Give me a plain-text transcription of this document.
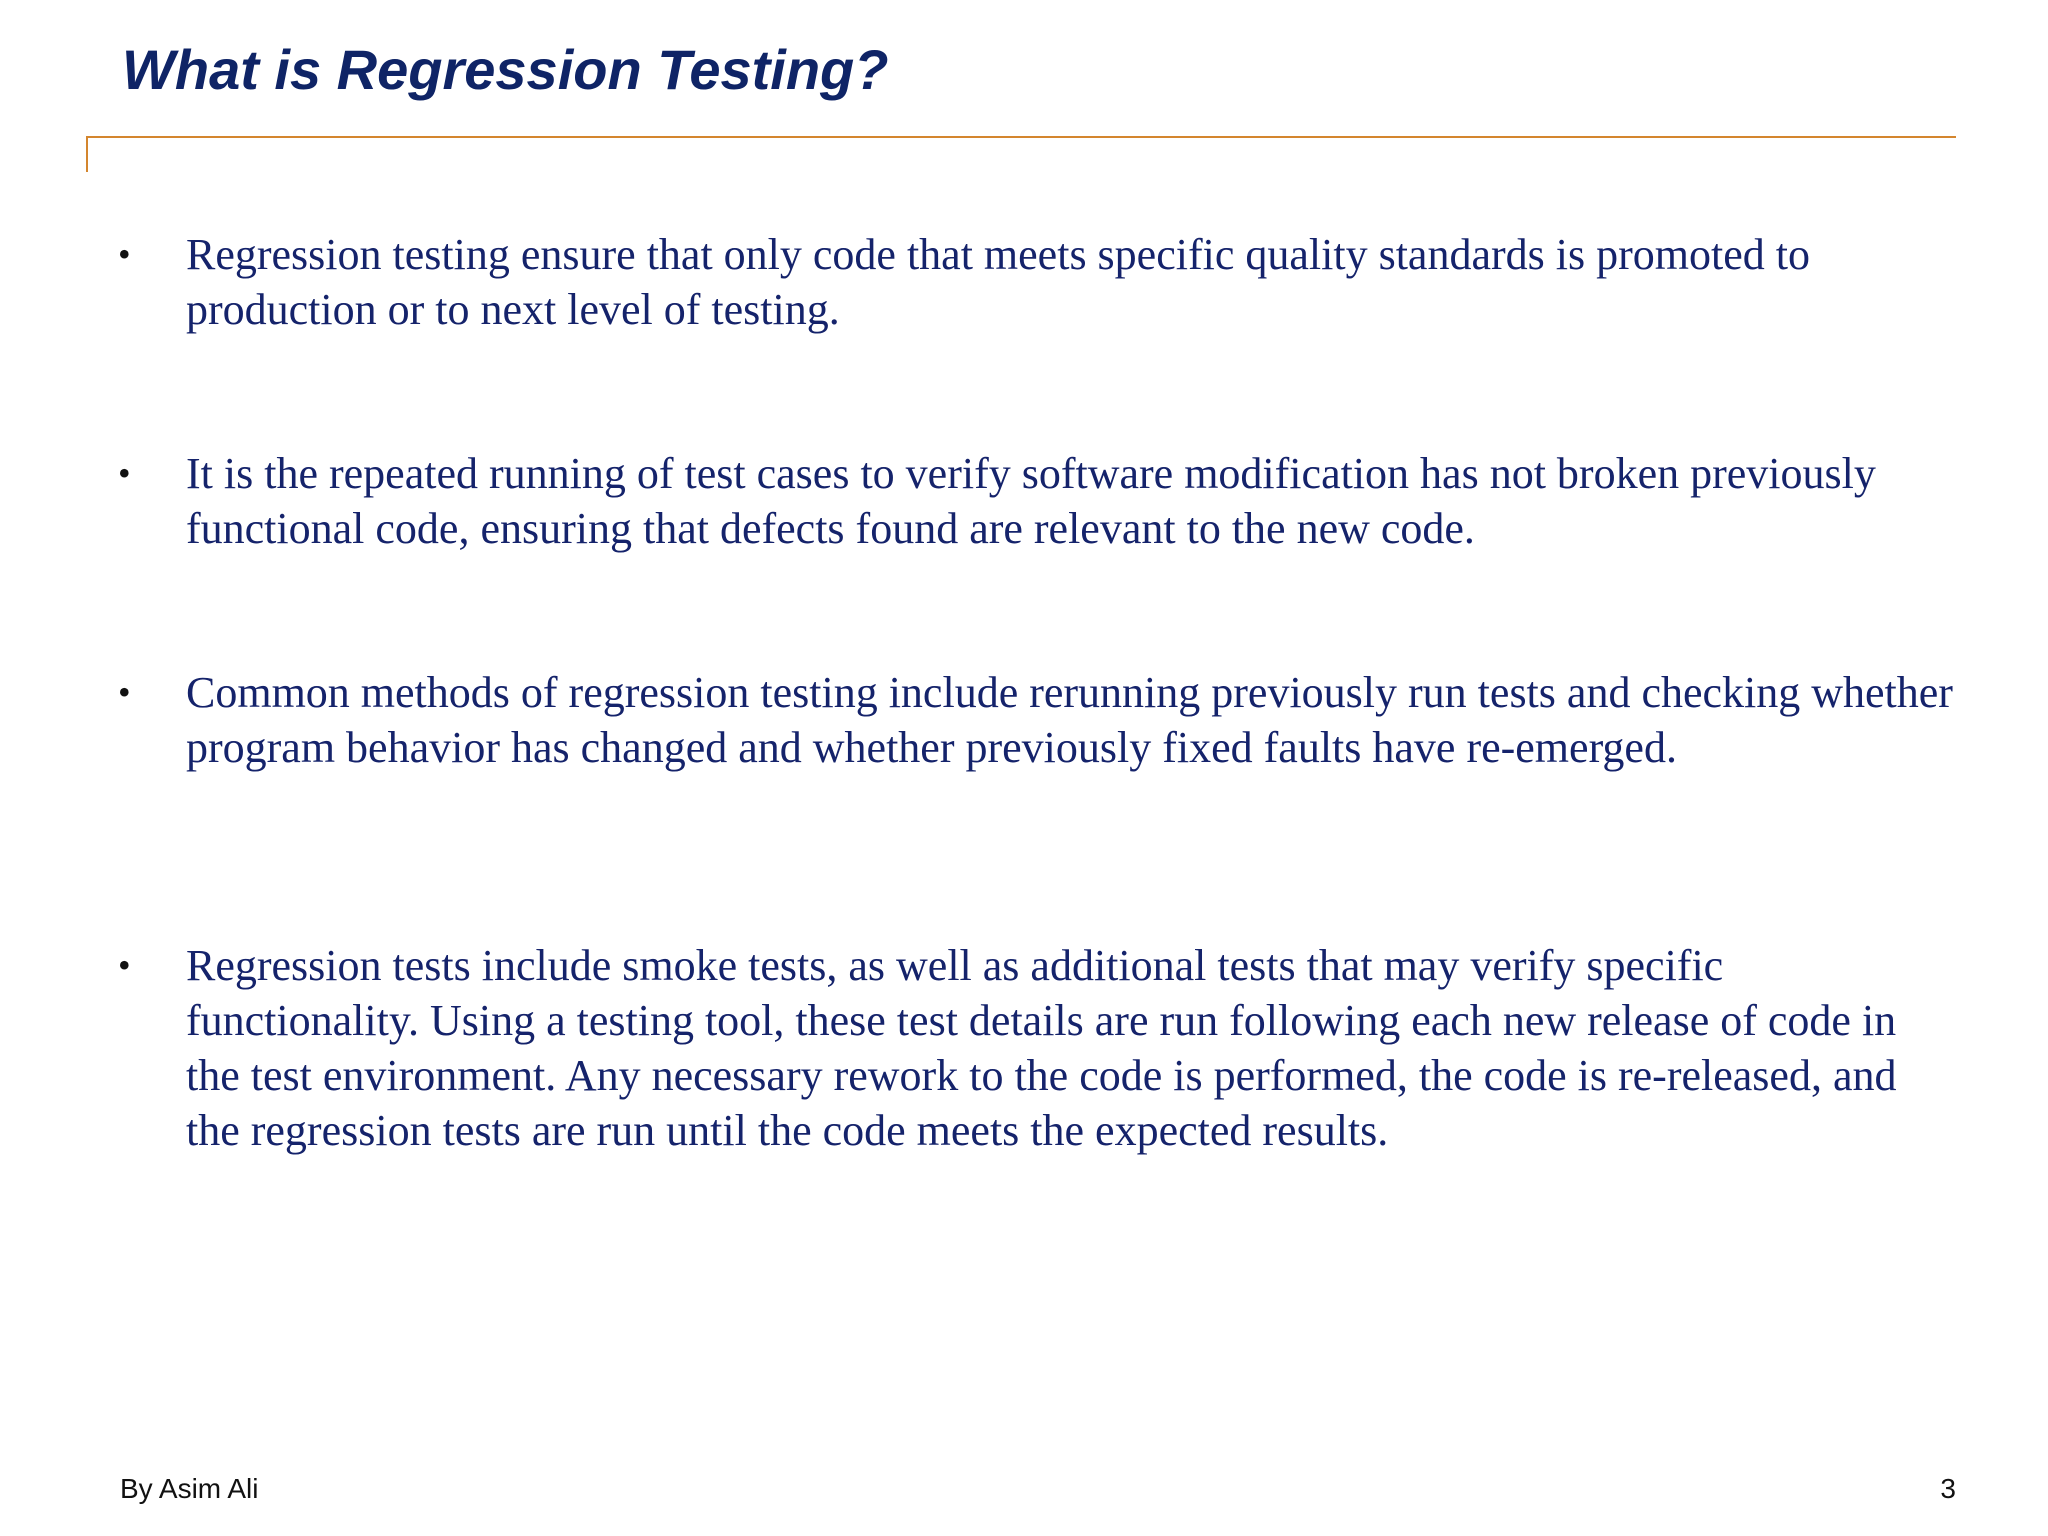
What is Regression Testing?
•	Regression testing ensure that only code that meets specific quality standards is promoted to production or to next level of testing.
•	It is the repeated running of test cases to verify software modification has not broken previously functional code, ensuring that defects found are relevant to the new code.
•	Common methods of regression testing include rerunning previously run tests and checking whether program behavior has changed and whether previously fixed faults have re-emerged.
•	Regression tests include smoke tests, as well as additional tests that may verify specific functionality. Using a testing tool, these test details are run following each new release of code in the test environment. Any necessary rework to the code is performed, the code is re-released, and the regression tests are run until the code meets the expected results.
By Asim Ali	3
